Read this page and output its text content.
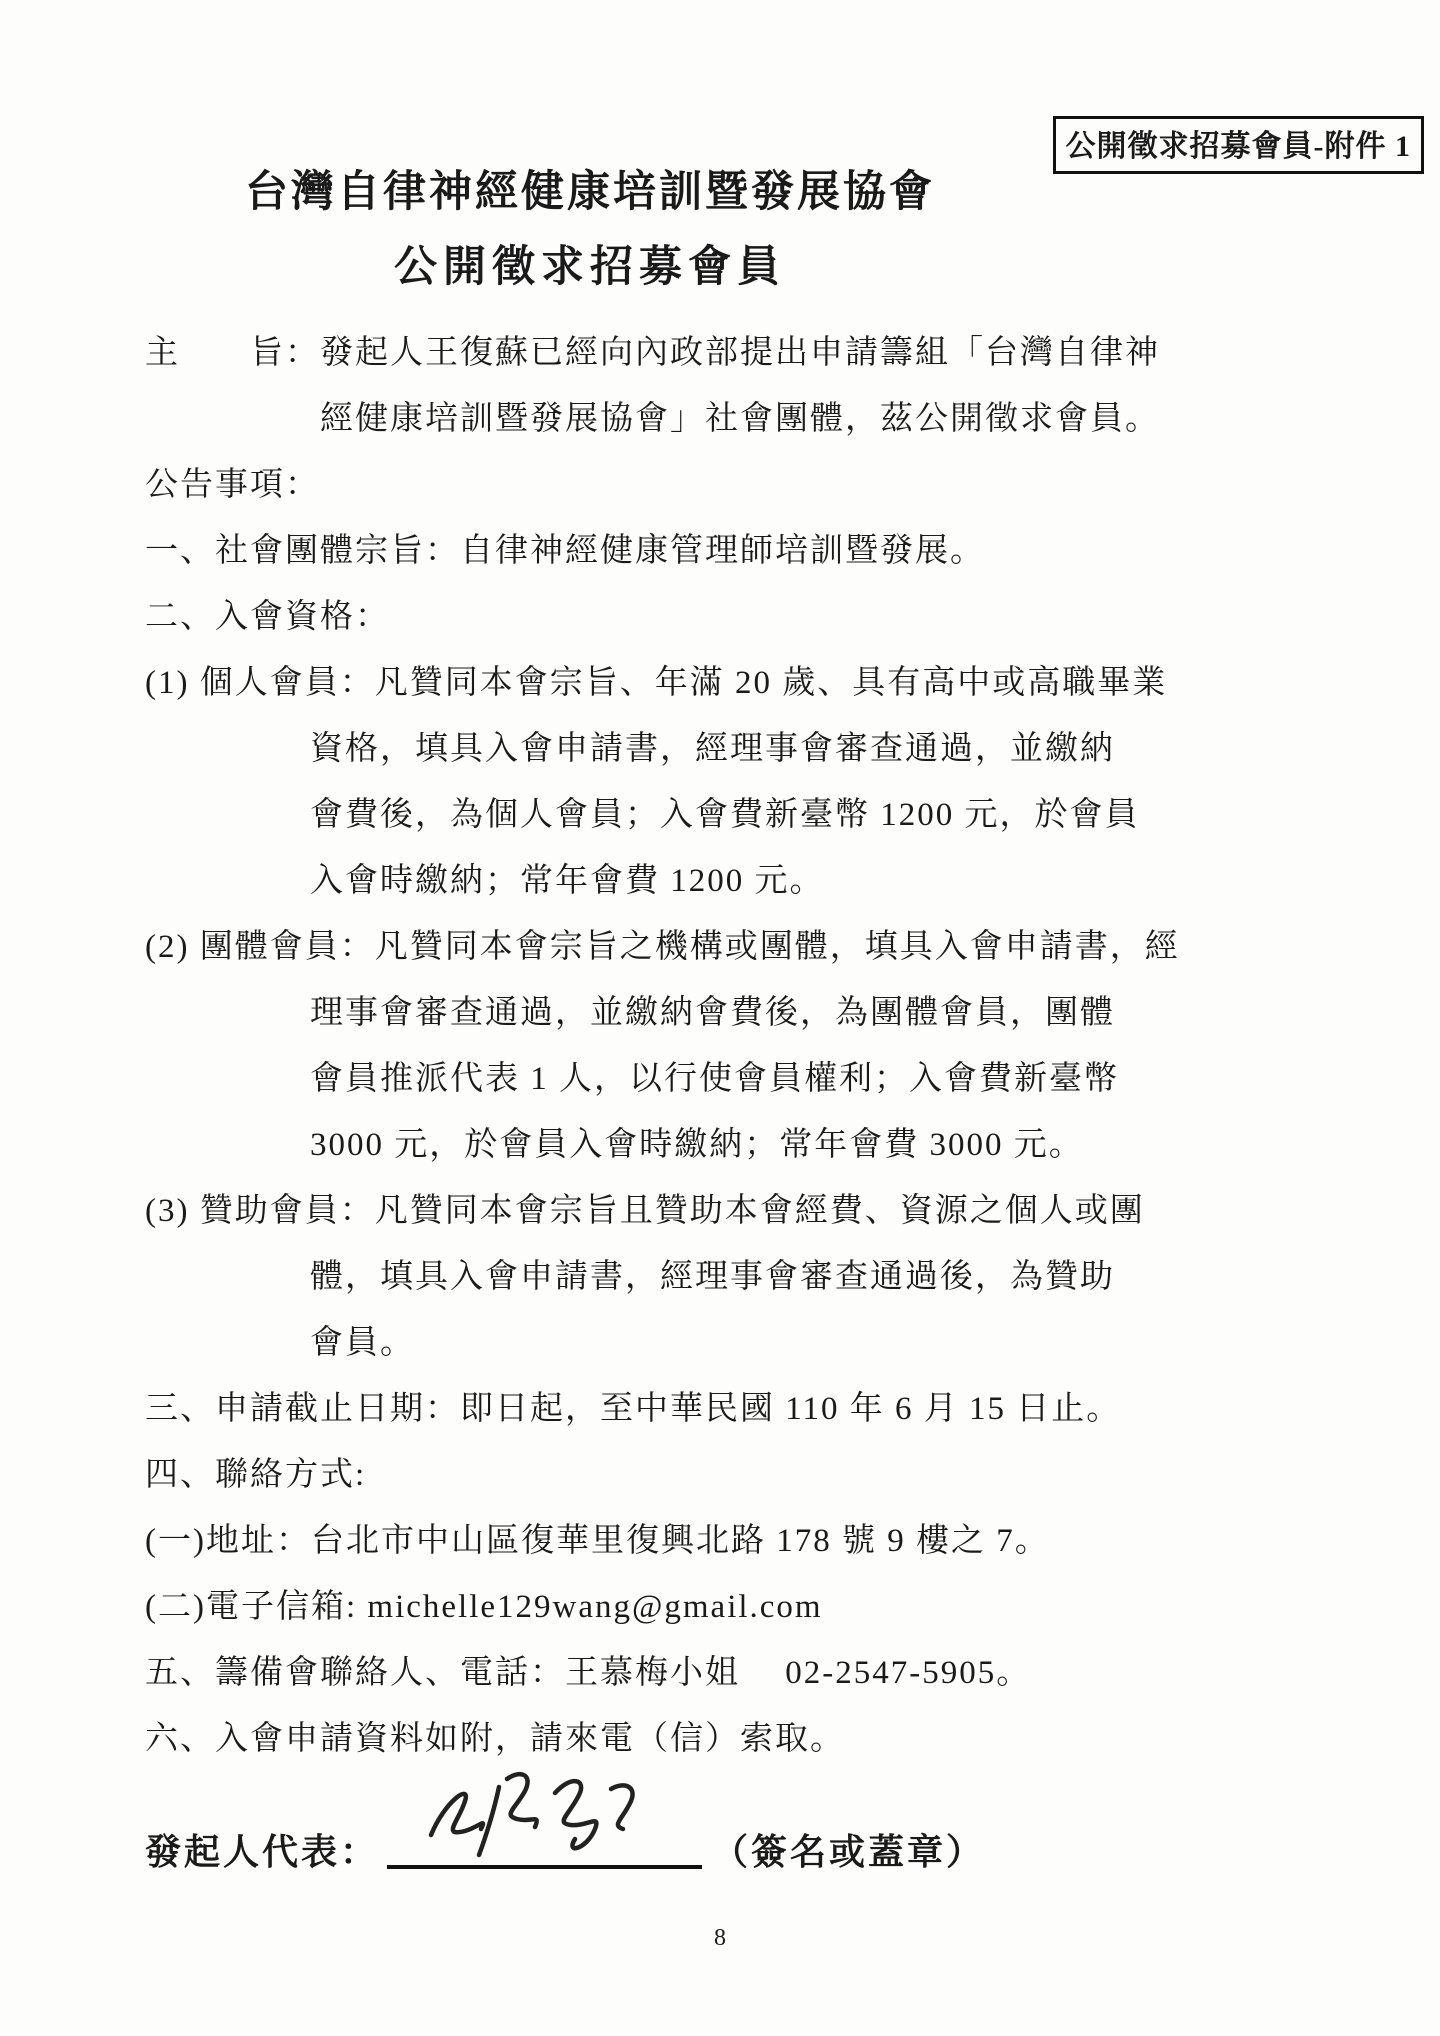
公開徵求招募會員-附件 1
台灣自律神經健康培訓暨發展協會
公開徵求招募會員
主　　旨：發起人王復蘇已經向內政部提出申請籌組「台灣自律神
經健康培訓暨發展協會」社會團體，茲公開徵求會員。
公告事項：
一、社會團體宗旨：自律神經健康管理師培訓暨發展。
二、入會資格：
(1) 個人會員：凡贊同本會宗旨、年滿 20 歲、具有高中或高職畢業
資格，填具入會申請書，經理事會審查通過，並繳納
會費後，為個人會員；入會費新臺幣 1200 元，於會員
入會時繳納；常年會費 1200 元。
(2) 團體會員：凡贊同本會宗旨之機構或團體，填具入會申請書，經
理事會審查通過，並繳納會費後，為團體會員，團體
會員推派代表 1 人，以行使會員權利；入會費新臺幣
3000 元，於會員入會時繳納；常年會費 3000 元。
(3) 贊助會員：凡贊同本會宗旨且贊助本會經費、資源之個人或團
體，填具入會申請書，經理事會審查通過後，為贊助
會員。
三、申請截止日期：即日起，至中華民國 110 年 6 月 15 日止。
四、聯絡方式:
(一)地址：台北市中山區復華里復興北路 178 號 9 樓之 7。
(二)電子信箱: michelle129wang@gmail.com
五、籌備會聯絡人、電話：王慕梅小姐　 02-2547-5905。
六、入會申請資料如附，請來電（信）索取。
發起人代表：	（簽名或蓋章）
8
